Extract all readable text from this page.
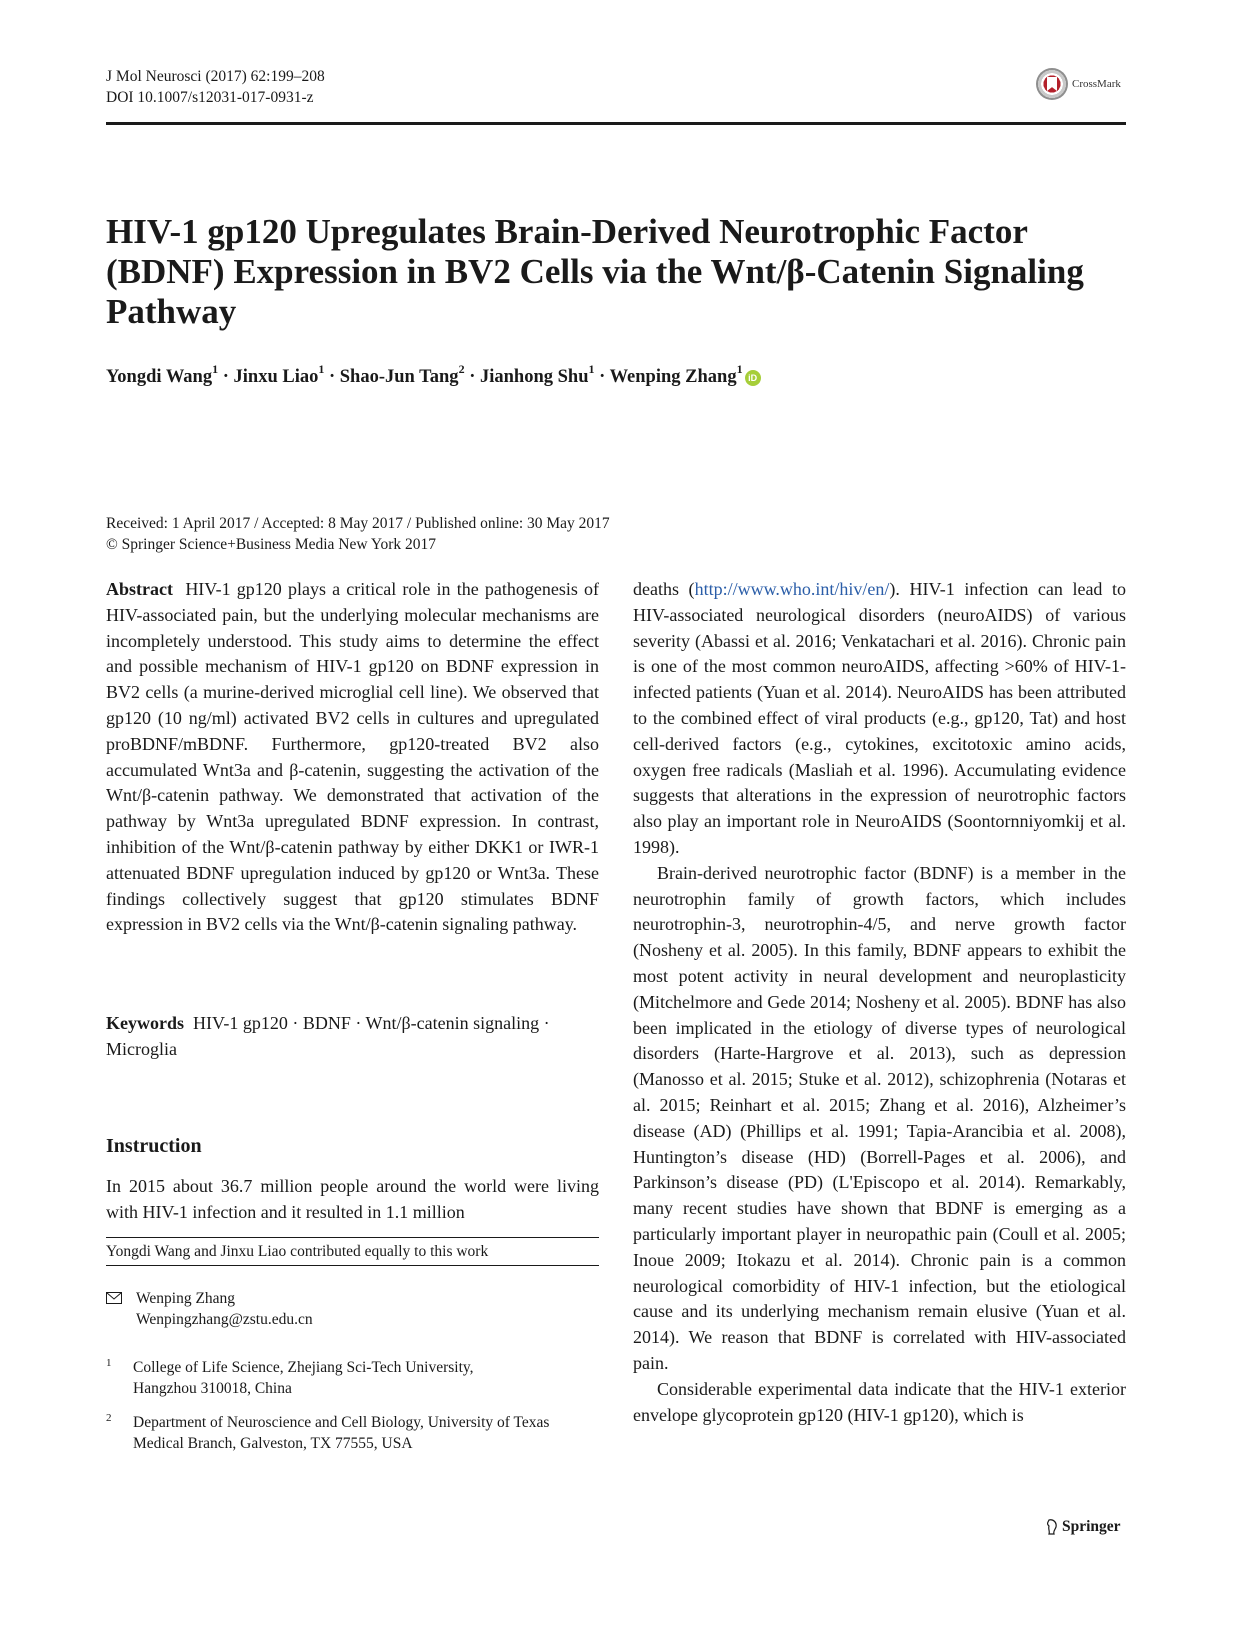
J Mol Neurosci (2017) 62:199–208
DOI 10.1007/s12031-017-0931-z
CrossMark
HIV-1 gp120 Upregulates Brain-Derived Neurotrophic Factor (BDNF) Expression in BV2 Cells via the Wnt/β-Catenin Signaling Pathway
Yongdi Wang$^1$ · Jinxu Liao$^1$ · Shao-Jun Tang$^2$ · Jianhong Shu$^1$ · Wenping Zhang$^1$iD
Received: 1 April 2017 / Accepted: 8 May 2017 / Published online: 30 May 2017
© Springer Science+Business Media New York 2017

Abstract HIV-1 gp120 plays a critical role in the pathogenesis of HIV-associated pain, but the underlying molecular mechanisms are incompletely understood. This study aims to determine the effect and possible mechanism of HIV-1 gp120 on BDNF expression in BV2 cells (a murine-derived microglial cell line). We observed that gp120 (10 ng/ml) activated BV2 cells in cultures and upregulated proBDNF/mBDNF. Furthermore, gp120-treated BV2 also accumulated Wnt3a and β-catenin, suggesting the activation of the Wnt/β-catenin pathway. We demonstrated that activation of the pathway by Wnt3a upregulated BDNF expression. In contrast, inhibition of the Wnt/β-catenin pathway by either DKK1 or IWR-1 attenuated BDNF upregulation induced by gp120 or Wnt3a. These findings collectively suggest that gp120 stimulates BDNF expression in BV2 cells via the Wnt/β-catenin signaling pathway.

Keywords HIV-1 gp120 · BDNF · Wnt/β-catenin signaling · Microglia

Instruction

In 2015 about 36.7 million people around the world were living with HIV-1 infection and it resulted in 1.1 million

Yongdi Wang and Jinxu Liao contributed equally to this work
Wenping Zhang
Wenpingzhang@zstu.edu.cn
1 College of Life Science, Zhejiang Sci-Tech University,
Hangzhou 310018, China
2 Department of Neuroscience and Cell Biology, University of Texas
Medical Branch, Galveston, TX 77555, USA

deaths (http://www.who.int/hiv/en/). HIV-1 infection can lead to HIV-associated neurological disorders (neuroAIDS) of various severity (Abassi et al. 2016; Venkatachari et al. 2016). Chronic pain is one of the most common neuroAIDS, affecting >60% of HIV-1-infected patients (Yuan et al. 2014). NeuroAIDS has been attributed to the combined effect of viral products (e.g., gp120, Tat) and host cell-derived factors (e.g., cytokines, excitotoxic amino acids, oxygen free radicals (Masliah et al. 1996). Accumulating evidence suggests that alterations in the expression of neurotrophic factors also play an important role in NeuroAIDS (Soontornniyomkij et al. 1998).

Brain-derived neurotrophic factor (BDNF) is a member in the neurotrophin family of growth factors, which includes neurotrophin-3, neurotrophin-4/5, and nerve growth factor (Nosheny et al. 2005). In this family, BDNF appears to exhibit the most potent activity in neural development and neuroplasticity (Mitchelmore and Gede 2014; Nosheny et al. 2005). BDNF has also been implicated in the etiology of diverse types of neurological disorders (Harte-Hargrove et al. 2013), such as depression (Manosso et al. 2015; Stuke et al. 2012), schizophrenia (Notaras et al. 2015; Reinhart et al. 2015; Zhang et al. 2016), Alzheimer’s disease (AD) (Phillips et al. 1991; Tapia-Arancibia et al. 2008), Huntington’s disease (HD) (Borrell-Pages et al. 2006), and Parkinson’s disease (PD) (L'Episcopo et al. 2014). Remarkably, many recent studies have shown that BDNF is emerging as a particularly important player in neuropathic pain (Coull et al. 2005; Inoue 2009; Itokazu et al. 2014). Chronic pain is a common neurological comorbidity of HIV-1 infection, but the etiological cause and its underlying mechanism remain elusive (Yuan et al. 2014). We reason that BDNF is correlated with HIV-associated pain.

Considerable experimental data indicate that the HIV-1 exterior envelope glycoprotein gp120 (HIV-1 gp120), which is

Springer
